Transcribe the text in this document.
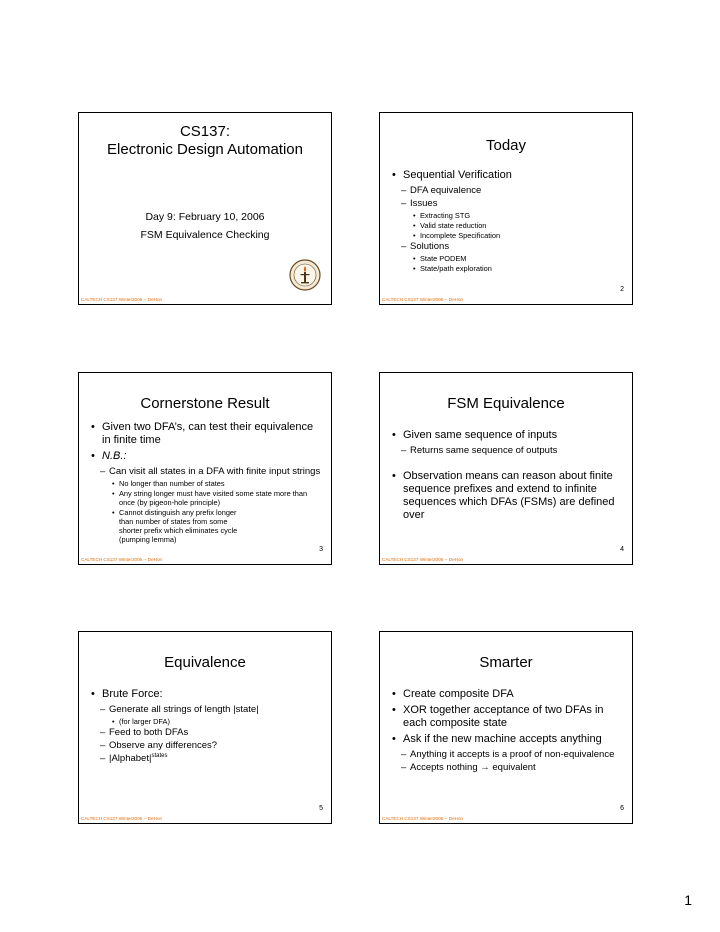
CS137:
Electronic Design Automation
Day 9: February 10, 2006
FSM Equivalence Checking
CALTECH CS137 Winter2006 -- DeHon
Today
• Sequential Verification
– DFA equivalence
– Issues
• Extracting STG
• Valid state reduction
• Incomplete Specification
– Solutions
• State PODEM
• State/path exploration
2
CALTECH CS137 Winter2006 -- DeHon
Cornerstone Result
• Given two DFA’s, can test their equivalence in finite time
• N.B.:
– Can visit all states in a DFA with finite input strings
• No longer than number of states
• Any string longer must have visited some state more than once (by pigeon-hole principle)
• Cannot distinguish any prefix longer than number of states from some shorter prefix which eliminates cycle (pumping lemma)
3
CALTECH CS137 Winter2006 -- DeHon
FSM Equivalence
• Given same sequence of inputs
– Returns same sequence of outputs
• Observation means can reason about finite sequence prefixes and extend to infinite sequences which DFAs (FSMs) are defined over
4
CALTECH CS137 Winter2006 -- DeHon
Equivalence
• Brute Force:
– Generate all strings of length |state|
• (for larger DFA)
– Feed to both DFAs
– Observe any differences?
– $|Alphabet|^{states}$
5
CALTECH CS137 Winter2006 -- DeHon
Smarter
• Create composite DFA
• XOR together acceptance of two DFAs in each composite state
• Ask if the new machine accepts anything
– Anything it accepts is a proof of non-equivalence
– Accepts nothing → equivalent
6
CALTECH CS137 Winter2006 -- DeHon
1
